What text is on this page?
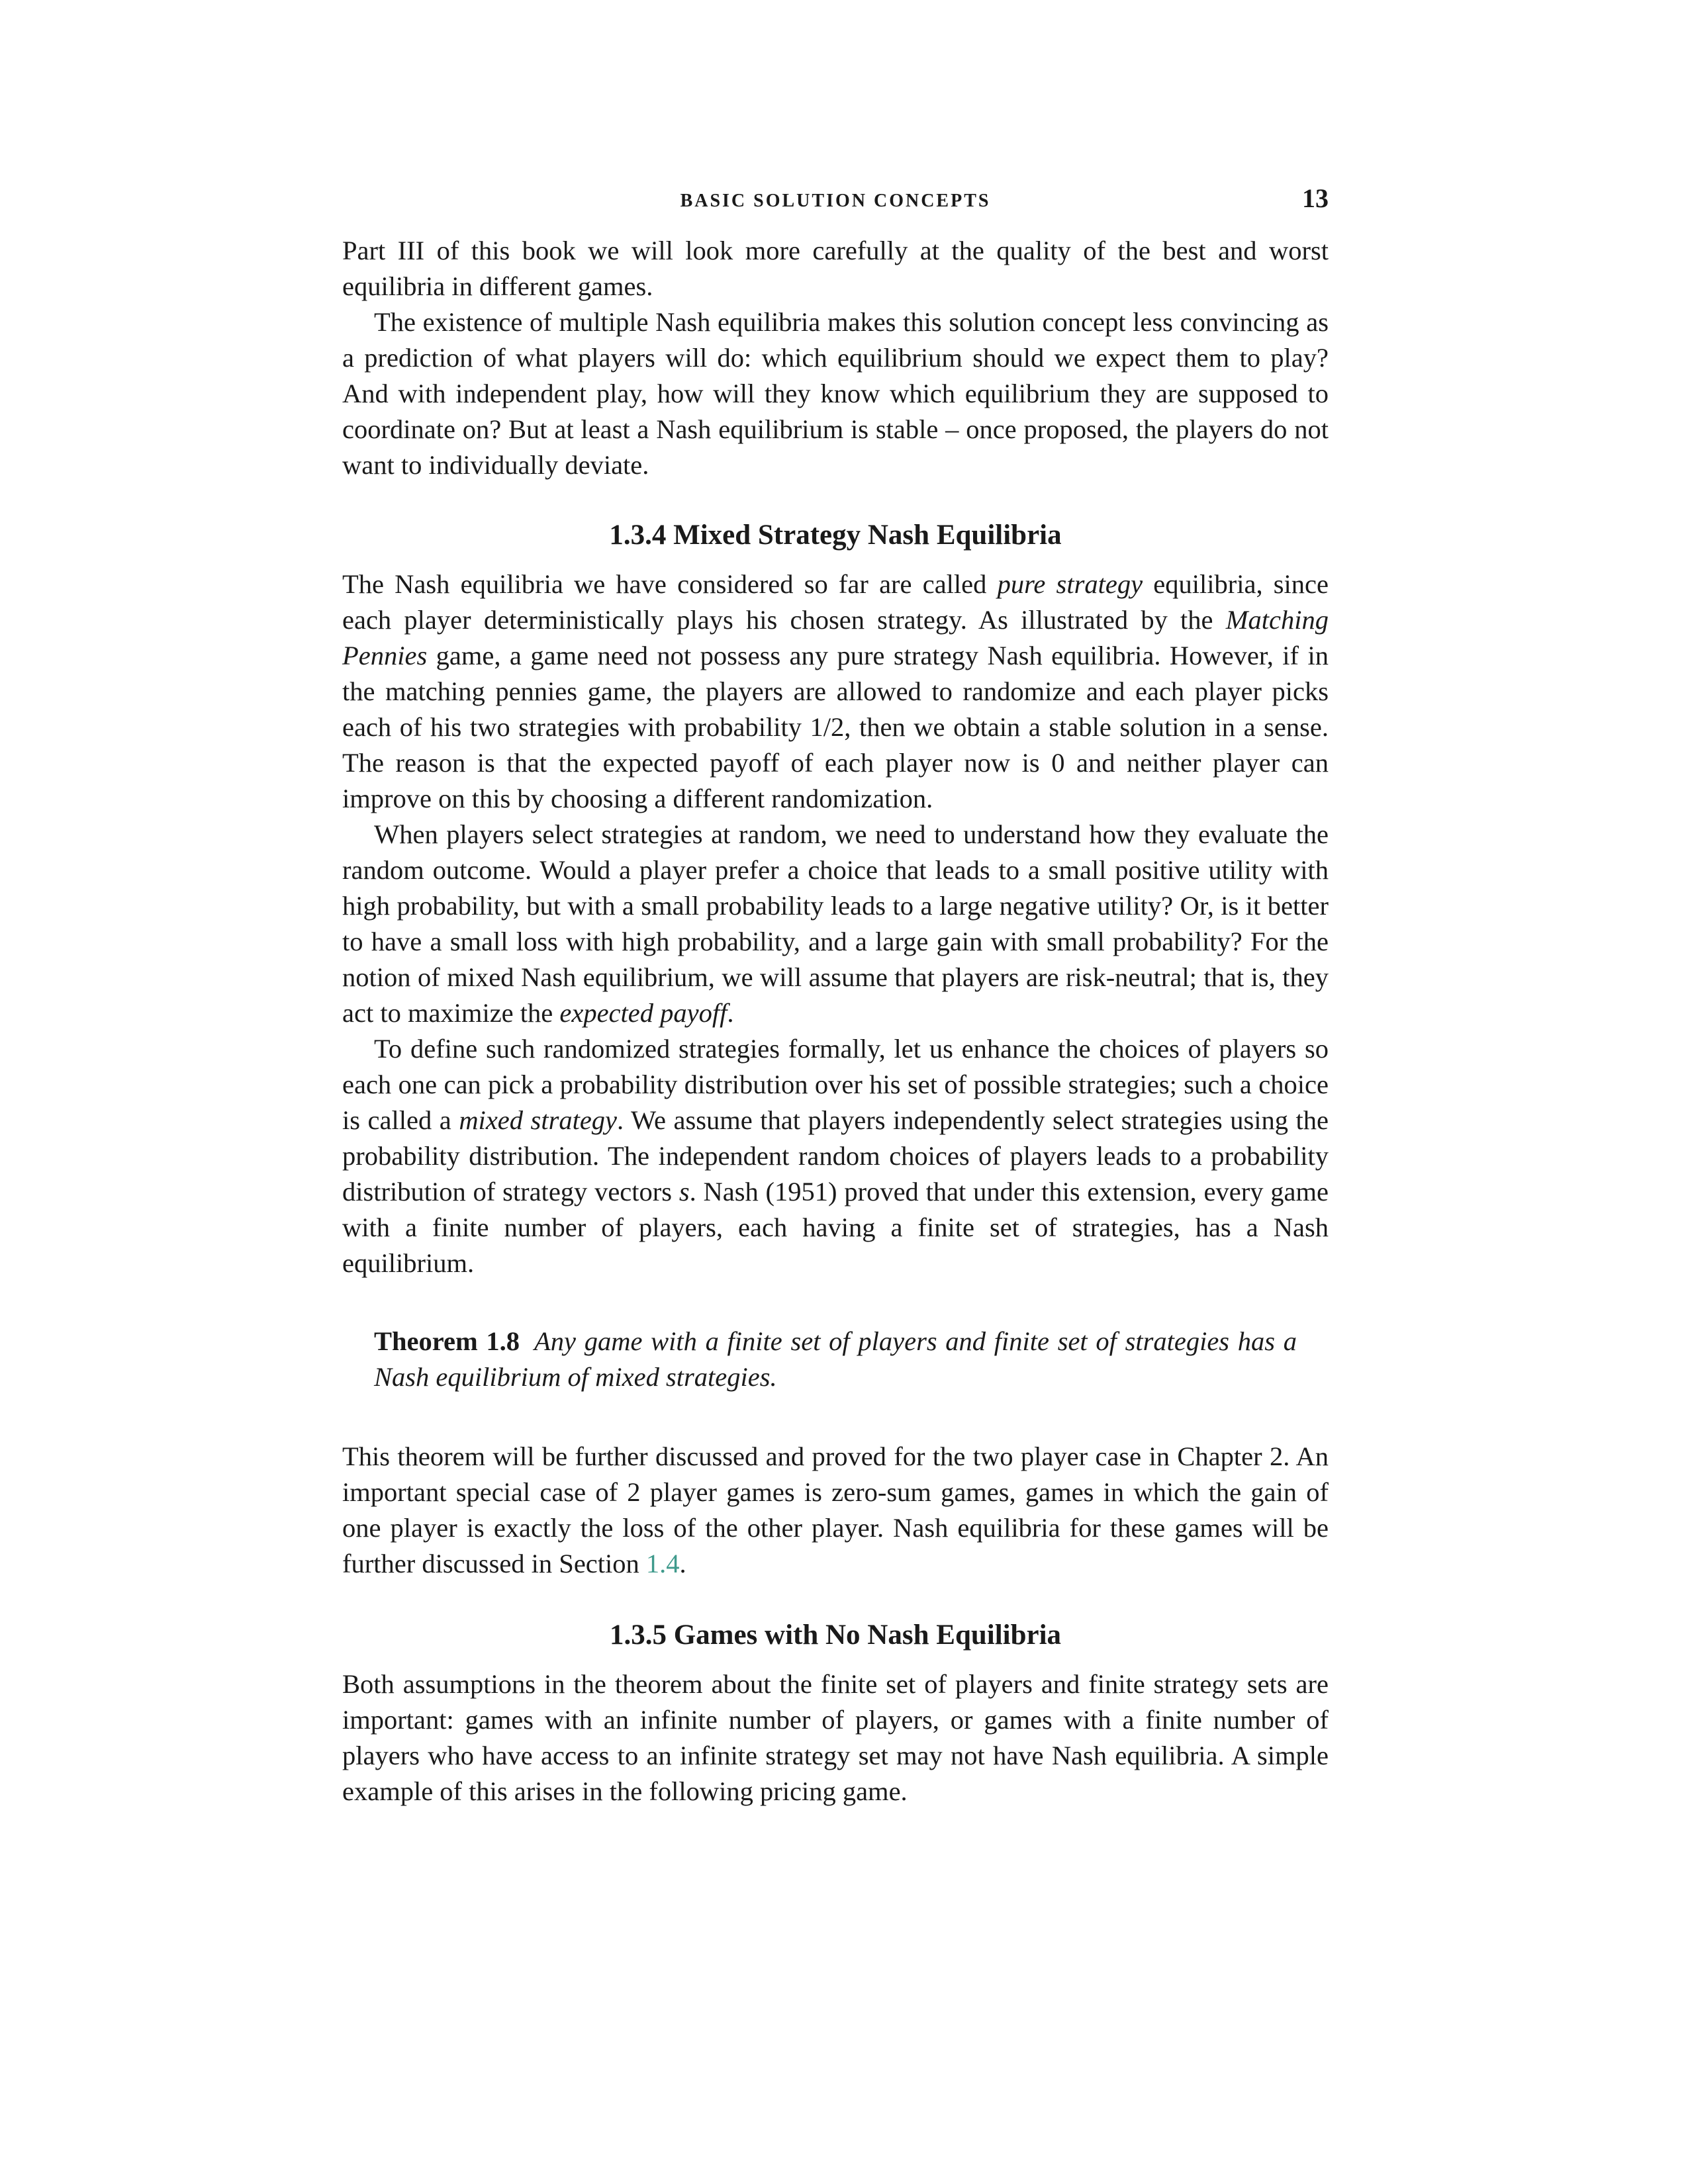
BASIC SOLUTION CONCEPTS	13

Part III of this book we will look more carefully at the quality of the best and worst equilibria in different games.

The existence of multiple Nash equilibria makes this solution concept less convincing as a prediction of what players will do: which equilibrium should we expect them to play? And with independent play, how will they know which equilibrium they are supposed to coordinate on? But at least a Nash equilibrium is stable – once proposed, the players do not want to individually deviate.

1.3.4 Mixed Strategy Nash Equilibria

The Nash equilibria we have considered so far are called pure strategy equilibria, since each player deterministically plays his chosen strategy. As illustrated by the Matching Pennies game, a game need not possess any pure strategy Nash equilibria. However, if in the matching pennies game, the players are allowed to randomize and each player picks each of his two strategies with probability 1/2, then we obtain a stable solution in a sense. The reason is that the expected payoff of each player now is 0 and neither player can improve on this by choosing a different randomization.

When players select strategies at random, we need to understand how they evaluate the random outcome. Would a player prefer a choice that leads to a small positive utility with high probability, but with a small probability leads to a large negative utility? Or, is it better to have a small loss with high probability, and a large gain with small probability? For the notion of mixed Nash equilibrium, we will assume that players are risk-neutral; that is, they act to maximize the expected payoff.

To define such randomized strategies formally, let us enhance the choices of players so each one can pick a probability distribution over his set of possible strategies; such a choice is called a mixed strategy. We assume that players independently select strategies using the probability distribution. The independent random choices of players leads to a probability distribution of strategy vectors s. Nash (1951) proved that under this extension, every game with a finite number of players, each having a finite set of strategies, has a Nash equilibrium.

Theorem 1.8 Any game with a finite set of players and finite set of strategies has a Nash equilibrium of mixed strategies.

This theorem will be further discussed and proved for the two player case in Chapter 2. An important special case of 2 player games is zero-sum games, games in which the gain of one player is exactly the loss of the other player. Nash equilibria for these games will be further discussed in Section 1.4.

1.3.5 Games with No Nash Equilibria

Both assumptions in the theorem about the finite set of players and finite strategy sets are important: games with an infinite number of players, or games with a finite number of players who have access to an infinite strategy set may not have Nash equilibria. A simple example of this arises in the following pricing game.
